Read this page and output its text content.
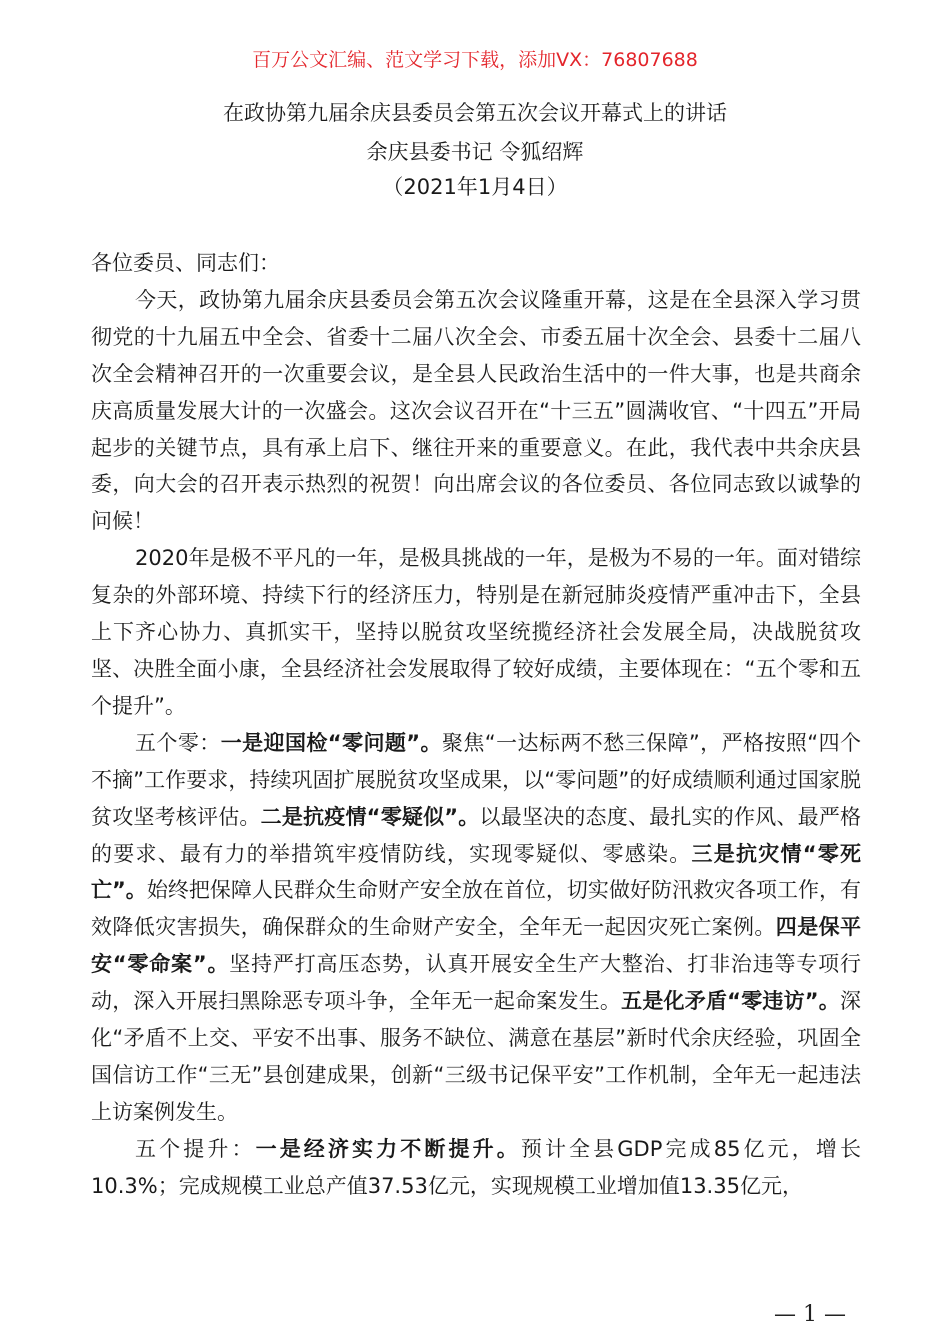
百万公文汇编、范文学习下载，添加VX：76807688
在政协第九届余庆县委员会第五次会议开幕式上的讲话
余庆县委书记 令狐绍辉
（2021年1月4日）

各位委员、同志们：

今天，政协第九届余庆县委员会第五次会议隆重开幕，这是在全县深入学习贯彻党的十九届五中全会、省委十二届八次全会、市委五届十次全会、县委十二届八次全会精神召开的一次重要会议，是全县人民政治生活中的一件大事，也是共商余庆高质量发展大计的一次盛会。这次会议召开在“十三五”圆满收官、“十四五”开局起步的关键节点，具有承上启下、继往开来的重要意义。在此，我代表中共余庆县委，向大会的召开表示热烈的祝贺！向出席会议的各位委员、各位同志致以诚挚的问候！

2020年是极不平凡的一年，是极具挑战的一年，是极为不易的一年。面对错综复杂的外部环境、持续下行的经济压力，特别是在新冠肺炎疫情严重冲击下，全县上下齐心协力、真抓实干，坚持以脱贫攻坚统揽经济社会发展全局，决战脱贫攻坚、决胜全面小康，全县经济社会发展取得了较好成绩，主要体现在：“五个零和五个提升”。

五个零：一是迎国检“零问题”。聚焦“一达标两不愁三保障”，严格按照“四个不摘”工作要求，持续巩固扩展脱贫攻坚成果，以“零问题”的好成绩顺利通过国家脱贫攻坚考核评估。二是抗疫情“零疑似”。以最坚决的态度、最扎实的作风、最严格的要求、最有力的举措筑牢疫情防线，实现零疑似、零感染。三是抗灾情“零死亡”。始终把保障人民群众生命财产安全放在首位，切实做好防汛救灾各项工作，有效降低灾害损失，确保群众的生命财产安全，全年无一起因灾死亡案例。四是保平安“零命案”。坚持严打高压态势，认真开展安全生产大整治、打非治违等专项行动，深入开展扫黑除恶专项斗争，全年无一起命案发生。五是化矛盾“零违访”。深化“矛盾不上交、平安不出事、服务不缺位、满意在基层”新时代余庆经验，巩固全国信访工作“三无”县创建成果，创新“三级书记保平安”工作机制，全年无一起违法上访案例发生。

五个提升：一是经济实力不断提升。预计全县GDP完成85亿元，增长10.3%；完成规模工业总产值37.53亿元，实现规模工业增加值13.35亿元，

— 1 —
